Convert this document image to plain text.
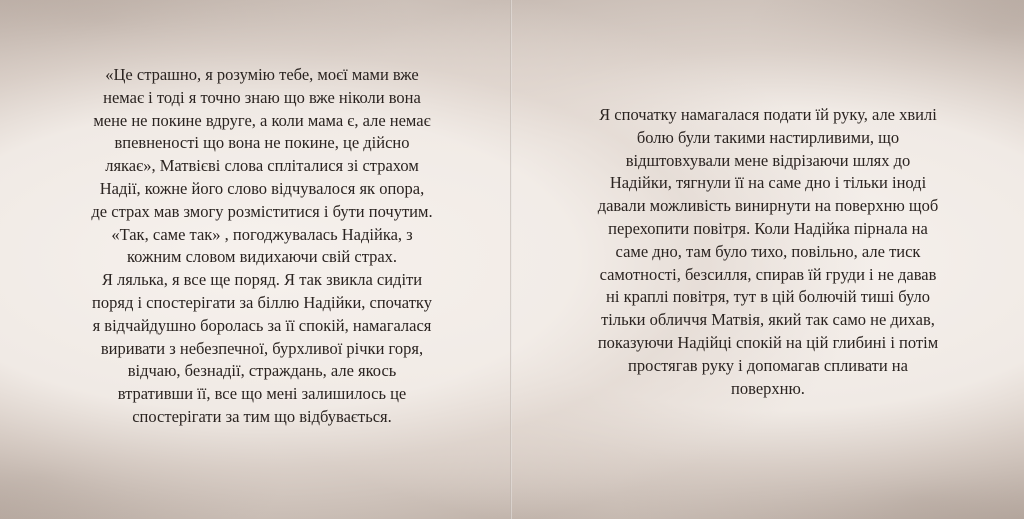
«Це страшно, я розумію тебе, моєї мами вже
немає і тоді я точно знаю що вже ніколи вона
мене не покине вдруге, а коли мама є, але немає
впевненості що вона не покине, це дійсно
лякає», Матвієві слова сплiталися зі страхом
Надії, кожне його слово відчувалося як опора,
де страх мав змогу розміститися і бути почутим.
«Так, саме так» , погоджувалась Надійка, з
кожним словом видихаючи свій страх.
Я лялька, я все ще поряд. Я так звикла сидіти
поряд і спостерігати за біллю Надійки, спочатку
я відчайдушно боролась за її спокій, намагалася
виривати з небезпечної, бурхливої річки горя,
відчаю, безнадії, страждань, але якось
втративши її, все що мені залишилось це
спостерігати за тим що відбувається.
Я спочатку намагалася подати їй руку, але хвилі
болю були такими настирливими, що
відштовхували мене відрізаючи шлях до
Надійки, тягнули її на саме дно і тільки іноді
давали можливість винирнути на поверхню щоб
перехопити повітря. Коли Надійка пірнала на
саме дно, там було тихо, повільно, але тиск
самотності, безсилля, спирав їй груди і не давав
ні краплі повітря, тут в цій болючій тиші було
тільки обличчя Матвія, який так само не дихав,
показуючи Надійці спокій на цій глибині і потім
простягав руку і допомагав спливати на
поверхню.
